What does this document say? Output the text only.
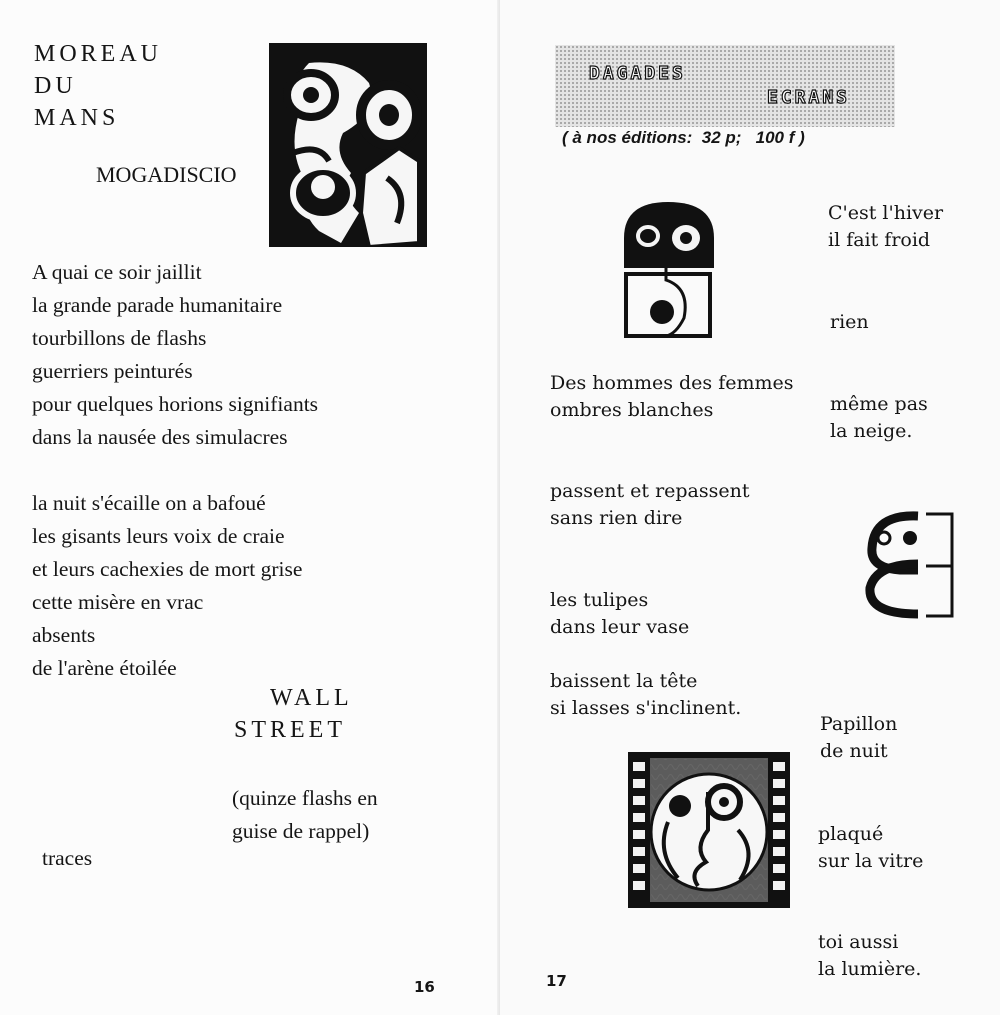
MOREAU
DU
MANS
MOGADISCIO
A quai ce soir jaillit
la grande parade humanitaire
tourbillons de flashs
guerriers peinturés
pour quelques horions signifiants
dans la nausée des simulacres
la nuit s'écaille on a bafoué
les gisants leurs voix de craie
et leurs cachexies de mort grise
cette misère en vrac
absents
de l'arène étoilée
WALL
STREET
(quinze flashs en
guise de rappel)
traces
16
DAGADES
ECRANS
( à nos éditions:  32 p;   100 f )
Des hommes des femmes
ombres blanches
passent et repassent
sans rien dire
les tulipes
dans leur vase
baissent la tête
si lasses s'inclinent.
C'est l'hiver
il fait froid
rien
même pas
la neige.
Papillon
de nuit
plaqué
sur la vitre
toi aussi
la lumière.
17
